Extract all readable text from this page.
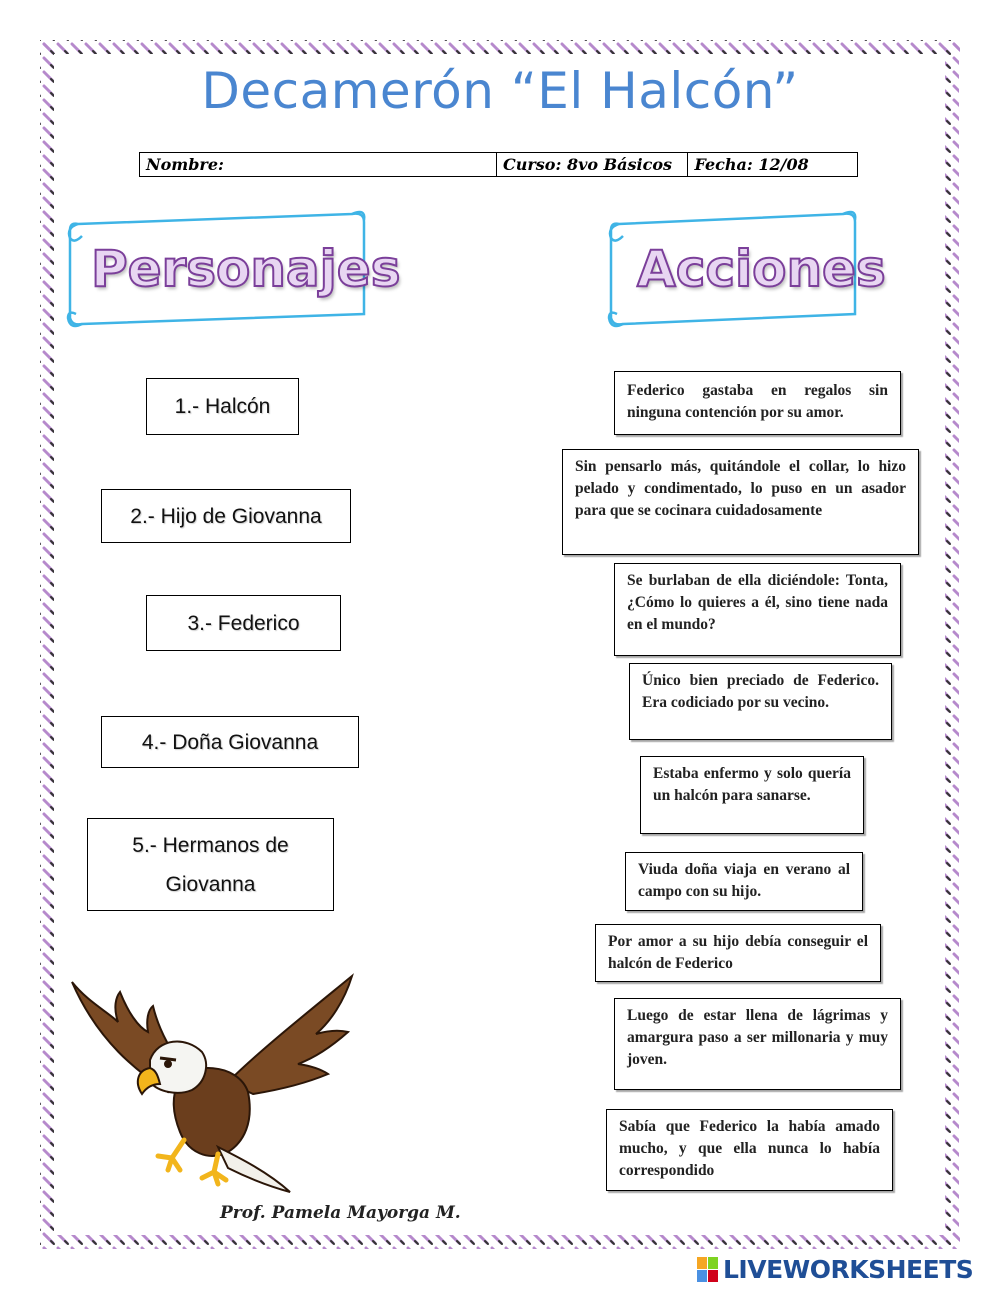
Decamerón “El Halcón”
Nombre:	Curso: 8vo Básicos	Fecha: 12/08
Personajes	Acciones
1.- Halcón
2.- Hijo de Giovanna
3.- Federico
4.- Doña Giovanna
5.- Hermanos de Giovanna
Federico gastaba en regalos sin ninguna contención por su amor.
Sin pensarlo más, quitándole el collar, lo hizo pelado y condimentado, lo puso en un asador para que se cocinara cuidadosamente
Se burlaban de ella diciéndole: Tonta, ¿Cómo lo quieres a él, sino tiene nada en el mundo?
Único bien preciado de Federico. Era codiciado por su vecino.
Estaba enfermo y solo quería un halcón para sanarse.
Viuda doña viaja en verano al campo con su hijo.
Por amor a su hijo debía conseguir el halcón de Federico
Luego de estar llena de lágrimas y amargura paso a ser millonaria y muy joven.
Sabía que Federico la había amado mucho, y que ella nunca lo había correspondido
Prof. Pamela Mayorga M.
LIVEWORKSHEETS
